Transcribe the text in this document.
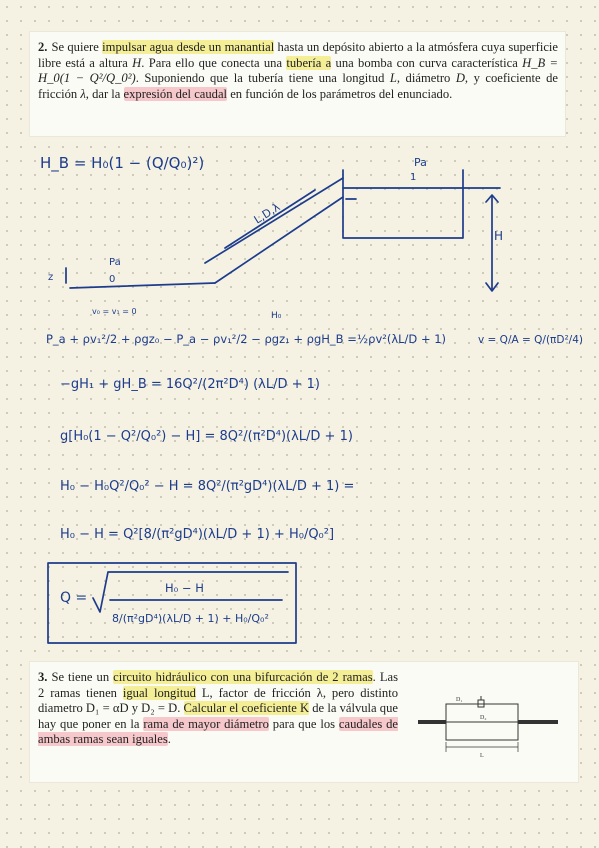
2. Se quiere impulsar agua desde un manantial hasta un depósito abierto a la atmósfera cuya superficie libre está a altura H. Para ello que conecta una tubería a una bomba con curva característica H_B = H_0(1 − Q²/Q_0²). Suponiendo que la tubería tiene una longitud L, diámetro D, y coeficiente de fricción λ, dar la expresión del caudal en función de los parámetros del enunciado.

3. Se tiene un circuito hidráulico con una bifurcación de 2 ramas. Las 2 ramas tienen igual longitud L, factor de fricción λ, pero distinto diametro D₁ = αD y D₂ = D. Calcular el coeficiente K de la válvula que hay que poner en la rama de mayor diámetro para que los caudales de ambas ramas sean iguales.

D₁
D₂
L
H_B = H₀(1 − (Q/Q₀)²)
H
Pa
1
L,D,λ
Pa
0
z
v₀ = v₁ = 0
P_a + ρv₁²/2 + ρgz₀ − P_a − ρv₁²/2 − ρgz₁ + ρgH_B = ½ρv²(λL/D + 1)
H₀
v = Q/A = Q/(πD²/4)
−gH₁ + gH_B = 16Q²/(2π²D⁴) (λL/D + 1)
g[H₀(1 − Q²/Q₀²) − H] = 8Q²/(π²D⁴)(λL/D + 1)
H₀ − H₀Q²/Q₀² − H = 8Q²/(π²gD⁴)(λL/D + 1) =
H₀ − H = Q²[8/(π²gD⁴)(λL/D + 1) + H₀/Q₀²]
Q =
H₀ − H
8/(π²gD⁴)(λL/D + 1) + H₀/Q₀²
